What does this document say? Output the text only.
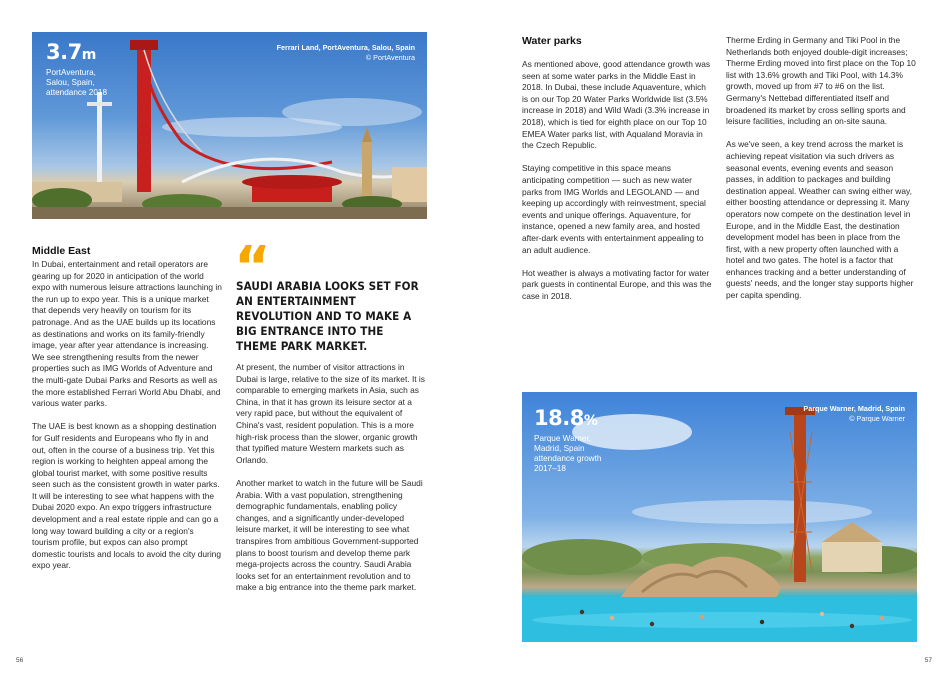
3.7m
PortAventura,
Salou, Spain,
attendance 2018
Ferrari Land, PortAventura, Salou, Spain
© PortAventura
Middle East

In Dubai, entertainment and retail operators are gearing up for 2020 in anticipation of the world expo with numerous leisure attractions launching in the run up to expo year. This is a unique market that depends very heavily on tourism for its patronage. And as the UAE builds up its locations as destinations and works on its family-friendly image, year after year attendance is increasing. We see strengthening results from the newer properties such as IMG Worlds of Adventure and the multi-gate Dubai Parks and Resorts as well as the more established Ferrari World Abu Dhabi, and various water parks.

The UAE is best known as a shopping destination for Gulf residents and Europeans who fly in and out, often in the course of a business trip. Yet this region is working to heighten appeal among the global tourist market, with some positive results seen such as the consistent growth in water parks. It will be interesting to see what happens with the Dubai 2020 expo. An expo triggers infrastructure development and a real estate ripple and can go a long way toward building a city or a region's tourism profile, but expos can also prompt domestic tourists and locals to avoid the city during expo year.

“
SAUDI ARABIA LOOKS SET FOR AN ENTERTAINMENT REVOLUTION AND TO MAKE A BIG ENTRANCE INTO THE THEME PARK MARKET.

At present, the number of visitor attractions in Dubai is large, relative to the size of its market. It is comparable to emerging markets in Asia, such as China, in that it has grown its leisure sector at a very rapid pace, but without the equivalent of China's vast, resident population. This is a more high-risk process than the slower, organic growth that typified mature Western markets such as Orlando.

Another market to watch in the future will be Saudi Arabia. With a vast population, strengthening demographic fundamentals, enabling policy changes, and a significantly under-developed leisure market, it will be interesting to see what transpires from ambitious Government-supported plans to boost tourism and develop theme park mega-projects across the country. Saudi Arabia looks set for an entertainment revolution and to make a big entrance into the theme park market.

56
Water parks

As mentioned above, good attendance growth was seen at some water parks in the Middle East in 2018. In Dubai, these include Aquaventure, which is on our Top 20 Water Parks Worldwide list (3.5% increase in 2018) and Wild Wadi (3.3% increase in 2018), which is tied for eighth place on our Top 10 EMEA Water parks list, with Aqualand Moravia in the Czech Republic.

Staying competitive in this space means anticipating competition — such as new water parks from IMG Worlds and LEGOLAND — and keeping up accordingly with reinvestment, special events and unique offerings. Aquaventure, for instance, opened a new family area, and hosted after-dark events with entertainment appealing to an adult audience.

Hot weather is always a motivating factor for water park guests in continental Europe, and this was the case in 2018.

Therme Erding in Germany and Tiki Pool in the Netherlands both enjoyed double-digit increases; Therme Erding moved into first place on the Top 10 list with 13.6% growth and Tiki Pool, with 14.3% growth, moved up from #7 to #6 on the list. Germany's Nettebad differentiated itself and broadened its market by cross selling sports and leisure facilities, including an on-site sauna.

As we've seen, a key trend across the market is achieving repeat visitation via such drivers as seasonal events, evening events and season passes, in addition to packages and building destination appeal. Weather can swing either way, either boosting attendance or depressing it. Many operators now compete on the destination level in Europe, and in the Middle East, the destination development model has been in place from the first, with a new property often launched with a hotel and two gates. The hotel is a factor that enhances tracking and a better understanding of guests' needs, and the longer stay supports higher per capita spending.

18.8%
Parque Warner,
Madrid, Spain
attendance growth
2017–18
Parque Warner, Madrid, Spain
© Parque Warner
57
